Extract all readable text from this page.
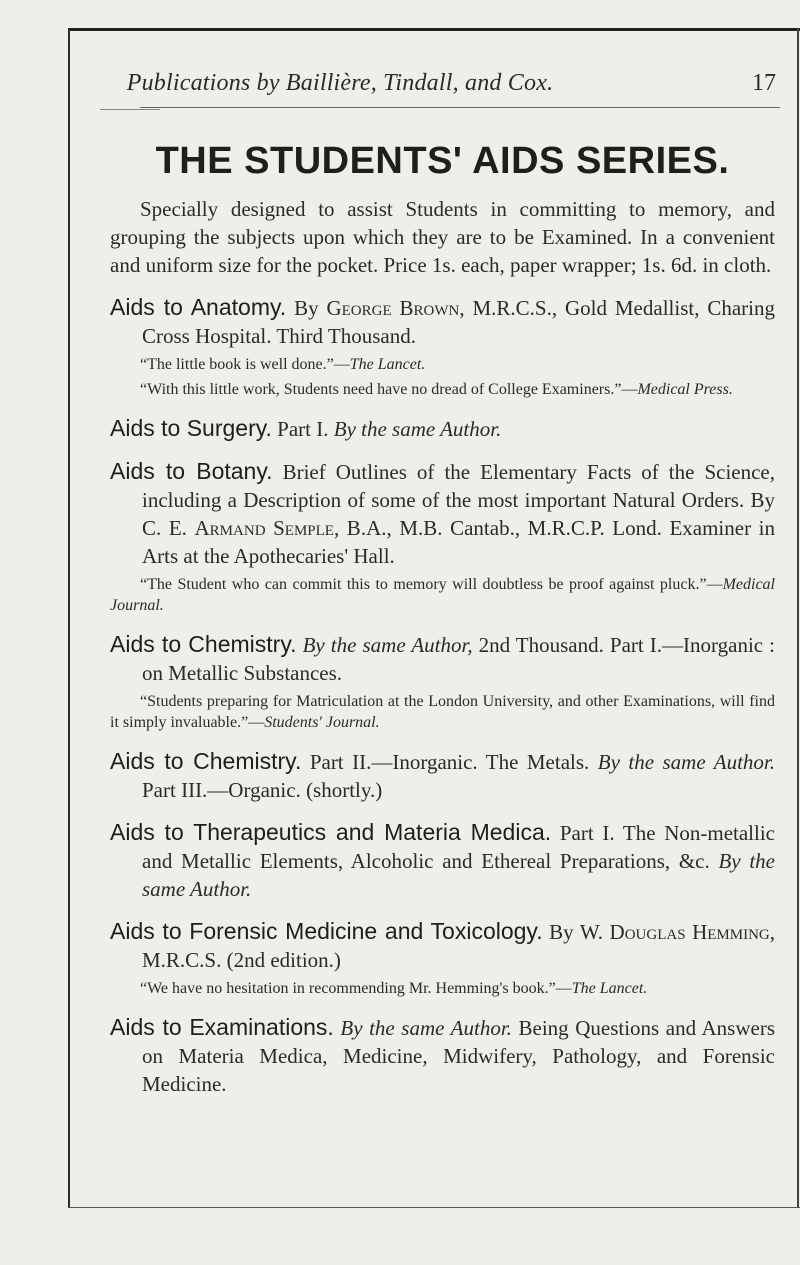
Publications by Baillière, Tindall, and Cox.	17
THE STUDENTS' AIDS SERIES.

Specially designed to assist Students in committing to memory, and grouping the subjects upon which they are to be Examined. In a convenient and uniform size for the pocket. Price 1s. each, paper wrapper; 1s. 6d. in cloth.

Aids to Anatomy. By George Brown, M.R.C.S., Gold Medallist, Charing Cross Hospital. Third Thousand.

“The little book is well done.”—The Lancet.

“With this little work, Students need have no dread of College Examiners.”—Medical Press.

Aids to Surgery. Part I. By the same Author.

Aids to Botany. Brief Outlines of the Elementary Facts of the Science, including a Description of some of the most important Natural Orders. By C. E. Armand Semple, B.A., M.B. Cantab., M.R.C.P. Lond. Examiner in Arts at the Apothecaries' Hall.

“The Student who can commit this to memory will doubtless be proof against pluck.”—Medical Journal.

Aids to Chemistry. By the same Author, 2nd Thousand. Part I.—Inorganic : on Metallic Substances.

“Students preparing for Matriculation at the London University, and other Examinations, will find it simply invaluable.”—Students' Journal.

Aids to Chemistry. Part II.—Inorganic. The Metals. By the same Author. Part III.—Organic. (shortly.)

Aids to Therapeutics and Materia Medica. Part I. The Non-metallic and Metallic Elements, Alcoholic and Ethereal Preparations, &c. By the same Author.

Aids to Forensic Medicine and Toxicology. By W. Douglas Hemming, M.R.C.S. (2nd edition.)

“We have no hesitation in recommending Mr. Hemming's book.”—The Lancet.

Aids to Examinations. By the same Author. Being Questions and Answers on Materia Medica, Medicine, Midwifery, Pathology, and Forensic Medicine.
